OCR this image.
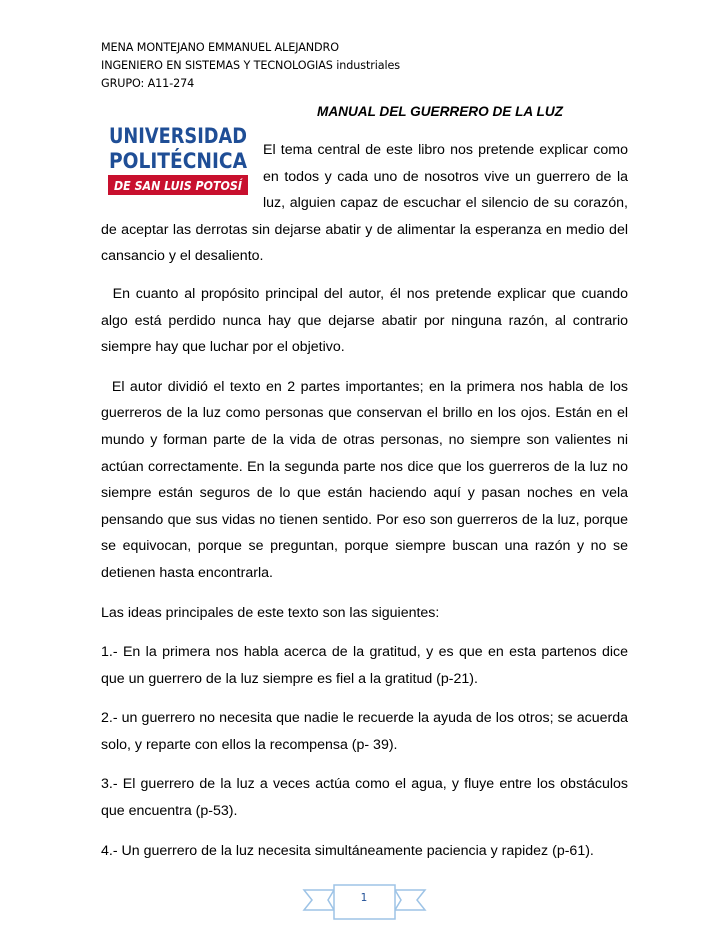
MENA MONTEJANO EMMANUEL ALEJANDRO
INGENIERO EN SISTEMAS Y TECNOLOGIAS industriales
GRUPO: A11-274
MANUAL DEL GUERRERO DE LA LUZ
UNIVERSIDAD
POLITÉCNICA
DE SAN LUIS POTOSÍ

El tema central de este libro nos pretende explicar como en todos y cada uno de nosotros vive un guerrero de la luz, alguien capaz de escuchar el silencio de su corazón, de aceptar las derrotas sin dejarse abatir y de alimentar la esperanza en medio del cansancio y el desaliento.

En cuanto al propósito principal del autor, él nos pretende explicar que cuando algo está perdido nunca hay que dejarse abatir por ninguna razón, al contrario siempre hay que luchar por el objetivo.

El autor dividió el texto en 2 partes importantes; en la primera nos habla de los guerreros de la luz como personas que conservan el brillo en los ojos. Están en el mundo y forman parte de la vida de otras personas, no siempre son valientes ni actúan correctamente. En la segunda parte nos dice que los guerreros de la luz no siempre están seguros de lo que están haciendo aquí y pasan noches en vela pensando que sus vidas no tienen sentido. Por eso son guerreros de la luz, porque se equivocan, porque se preguntan, porque siempre buscan una razón y no se detienen hasta encontrarla.

Las ideas principales de este texto son las siguientes:

1.- En la primera nos habla acerca de la gratitud, y es que en esta partenos dice que un guerrero de la luz siempre es fiel a la gratitud (p-21).

2.- un guerrero no necesita que nadie le recuerde la ayuda de los otros; se acuerda solo, y reparte con ellos la recompensa (p- 39).

3.- El guerrero de la luz a veces actúa como el agua, y fluye entre los obstáculos que encuentra (p-53).

4.- Un guerrero de la luz necesita simultáneamente paciencia y rapidez (p-61).

1
